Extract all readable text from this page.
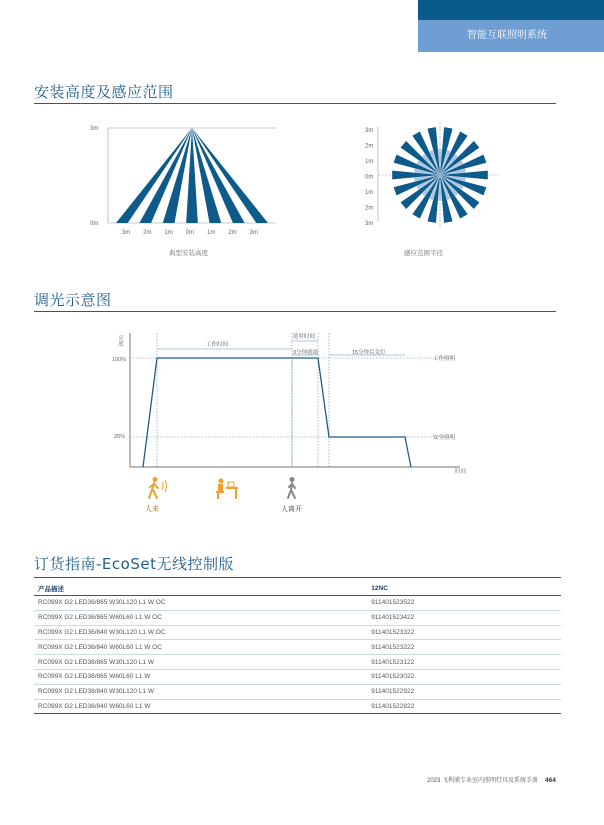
智能互联照明系统
安装高度及感应范围
3m
0m
3m 2m 1m 0m 1m 2m 3m
典型安装高度
3m
2m
1m
0m
1m
2m
3m
感应范围半径
调光示意图
亮度
时间
100%
20%
工作时间
延时时间
3分钟就绪	15分钟后关灯
工作照明
安全照明
人来	人离开
订货指南-EcoSet无线控制版
产品描述	12NC
RC099X G2 LED36/865 W30L120 L1 W OC	911401523522
RC099X G2 LED36/865 W60L60 L1 W OC	911401523422
RC099X G2 LED36/840 W30L120 L1 W OC	911401523322
RC099X G2 LED36/840 W60L60 L1 W OC	911401523222
RC099X G2 LED38/865 W30L120 L1 W	911401523122
RC099X G2 LED38/865 W60L60 L1 W	911401523022
RC099X G2 LED38/840 W30L120 L1 W	911401522922
RC099X G2 LED38/840 W60L60 L1 W	911401522822
2023 飞利浦专业室内照明灯具及系统手册 464
